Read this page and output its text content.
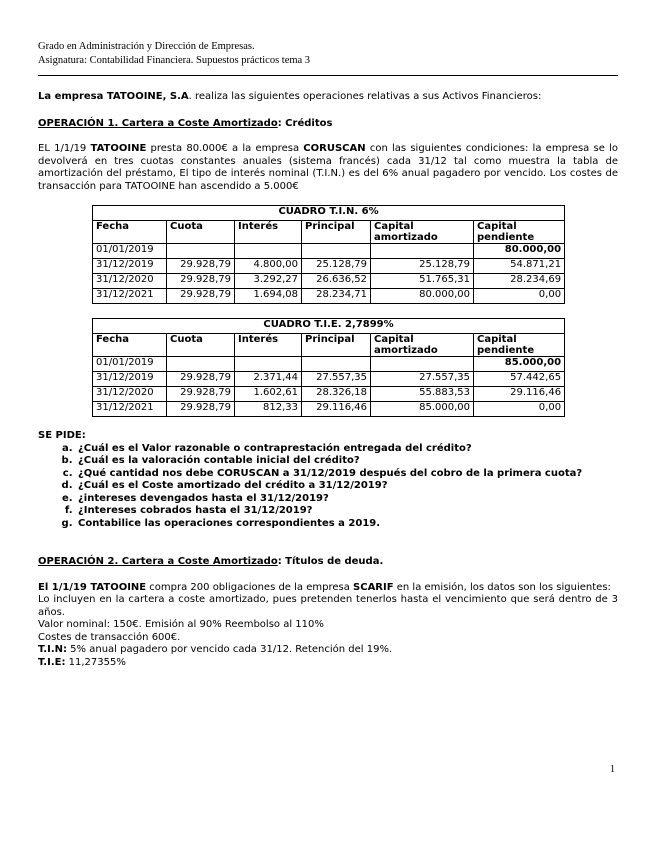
Grado en Administración y Dirección de Empresas.
Asignatura: Contabilidad Financiera. Supuestos prácticos tema 3

La empresa TATOOINE, S.A. realiza las siguientes operaciones relativas a sus Activos Financieros:

OPERACIÓN 1. Cartera a Coste Amortizado: Créditos

EL 1/1/19 TATOOINE presta 80.000€ a la empresa CORUSCAN con las siguientes condiciones: la empresa se lo devolverá en tres cuotas constantes anuales (sistema francés) cada 31/12 tal como muestra la tabla de amortización del préstamo, El tipo de interés nominal (T.I.N.) es del 6% anual pagadero por vencido. Los costes de transacción para TATOOINE han ascendido a 5.000€

CUADRO T.I.N. 6%					
Fecha	Cuota	Interés	Principal	Capital amortizado	Capital pendiente
01/01/2019					80.000,00
31/12/2019	29.928,79	4.800,00	25.128,79	25.128,79	54.871,21
31/12/2020	29.928,79	3.292,27	26.636,52	51.765,31	28.234,69
31/12/2021	29.928,79	1.694,08	28.234,71	80.000,00	0,00
CUADRO T.I.E. 2,7899%					
Fecha	Cuota	Interés	Principal	Capital amortizado	Capital pendiente
01/01/2019					85.000,00
31/12/2019	29.928,79	2.371,44	27.557,35	27.557,35	57.442,65
31/12/2020	29.928,79	1.602,61	28.326,18	55.883,53	29.116,46
31/12/2021	29.928,79	812,33	29.116,46	85.000,00	0,00

SE PIDE:

a. ¿Cuál es el Valor razonable o contraprestación entregada del crédito?
b. ¿Cuál es la valoración contable inicial del crédito?
c. ¿Qué cantidad nos debe CORUSCAN a 31/12/2019 después del cobro de la primera cuota?
d. ¿Cuál es el Coste amortizado del crédito a 31/12/2019?
e. ¿intereses devengados hasta el 31/12/2019?
f. ¿Intereses cobrados hasta el 31/12/2019?
g. Contabilice las operaciones correspondientes a 2019.

OPERACIÓN 2. Cartera a Coste Amortizado: Títulos de deuda.

El 1/1/19 TATOOINE compra 200 obligaciones de la empresa SCARIF en la emisión, los datos son los siguientes:

Lo incluyen en la cartera a coste amortizado, pues pretenden tenerlos hasta el vencimiento que será dentro de 3 años.

Valor nominal: 150€. Emisión al 90% Reembolso al 110%

Costes de transacción 600€.

T.I.N: 5% anual pagadero por vencido cada 31/12. Retención del 19%.

T.I.E: 11,27355%

1
